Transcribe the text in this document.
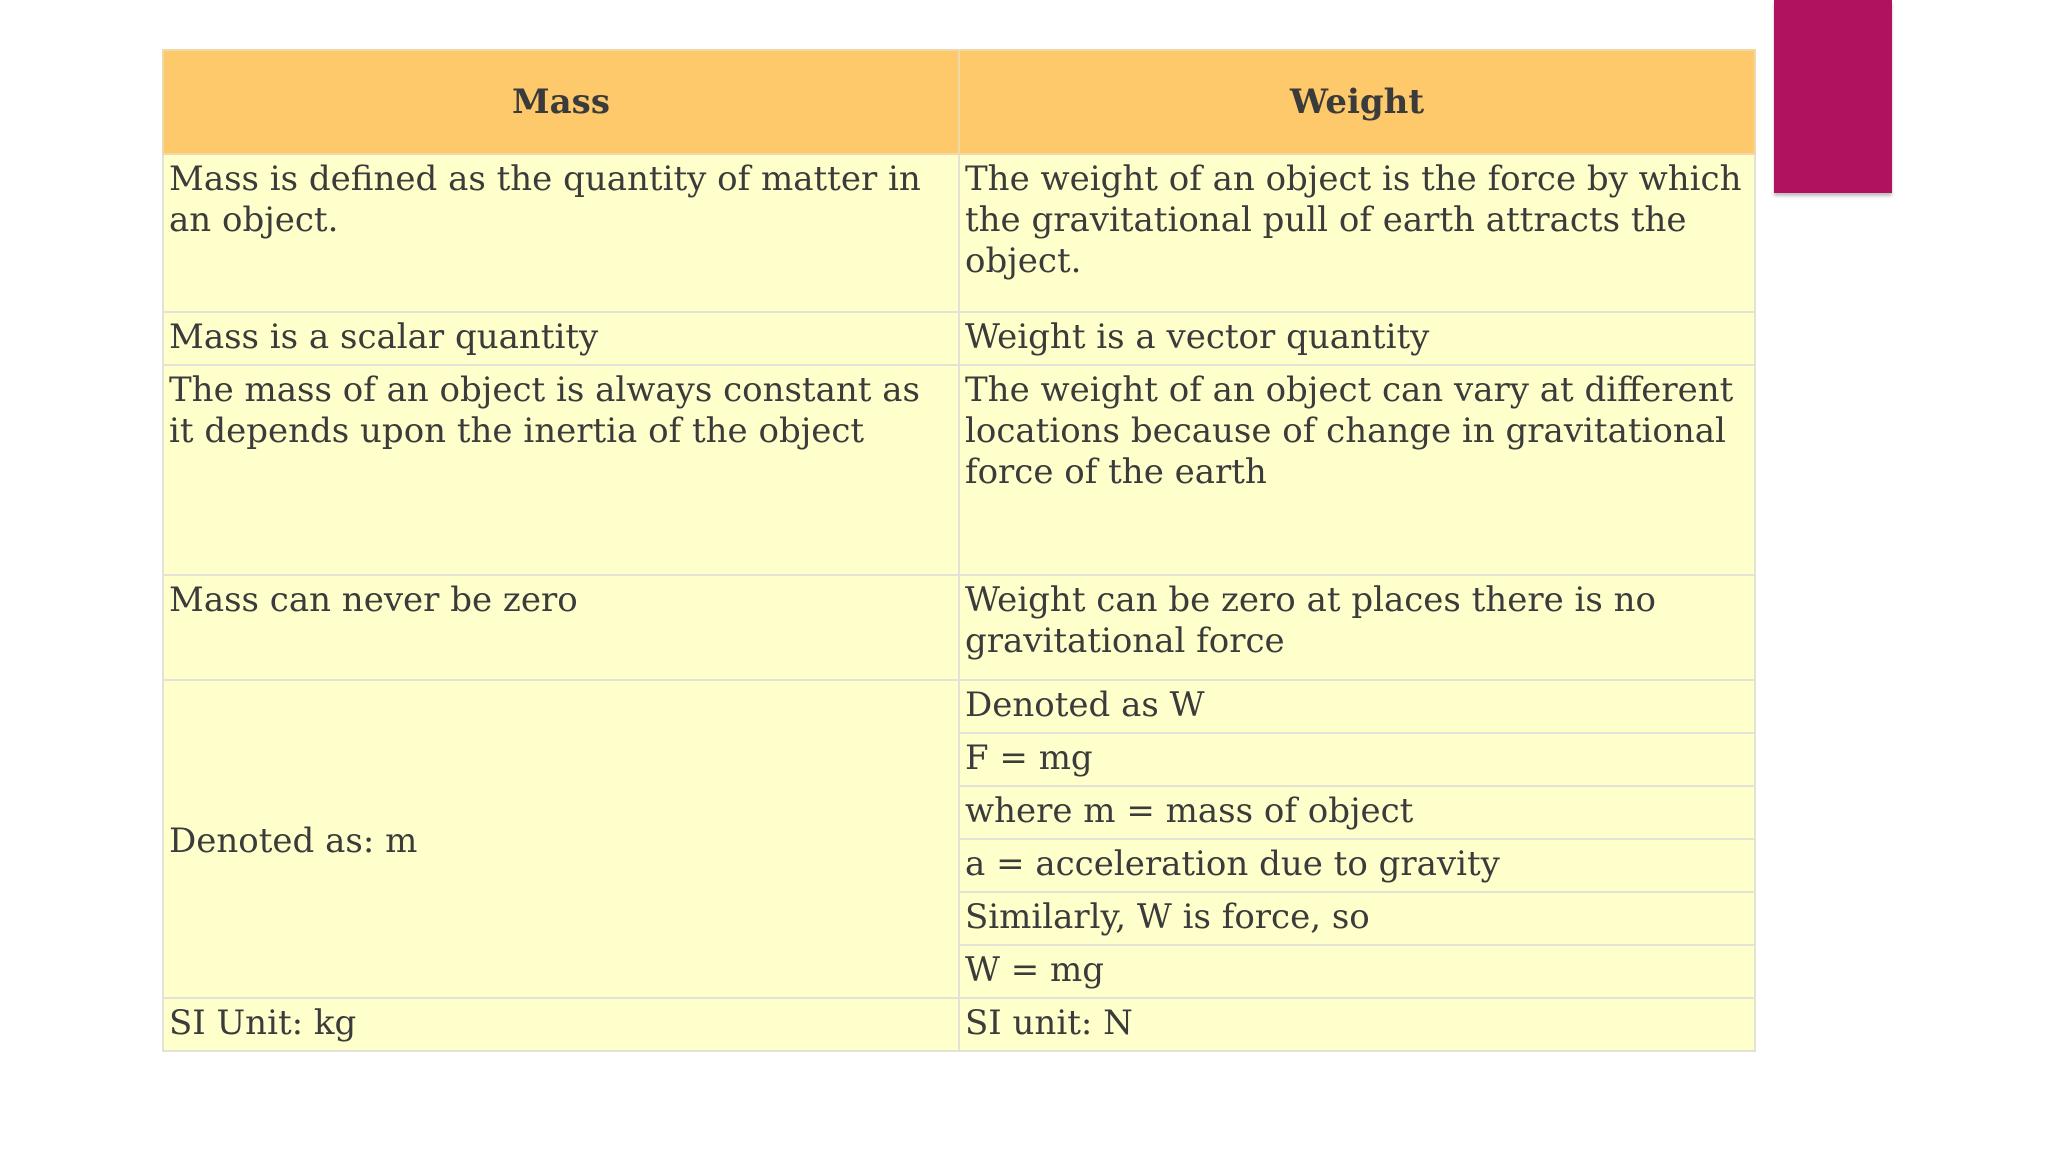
Mass	Weight
Mass is defined as the quantity of matter in an object.	The weight of an object is the force by which the gravitational pull of earth attracts the object.
Mass is a scalar quantity	Weight is a vector quantity
The mass of an object is always constant as it depends upon the inertia of the object	The weight of an object can vary at different locations because of change in gravitational force of the earth
Mass can never be zero	Weight can be zero at places there is no gravitational force
Denoted as: m	Denoted as W
	F = mg
	where m = mass of object
	a = acceleration due to gravity
	Similarly, W is force, so
	W = mg
SI Unit: kg	SI unit: N
